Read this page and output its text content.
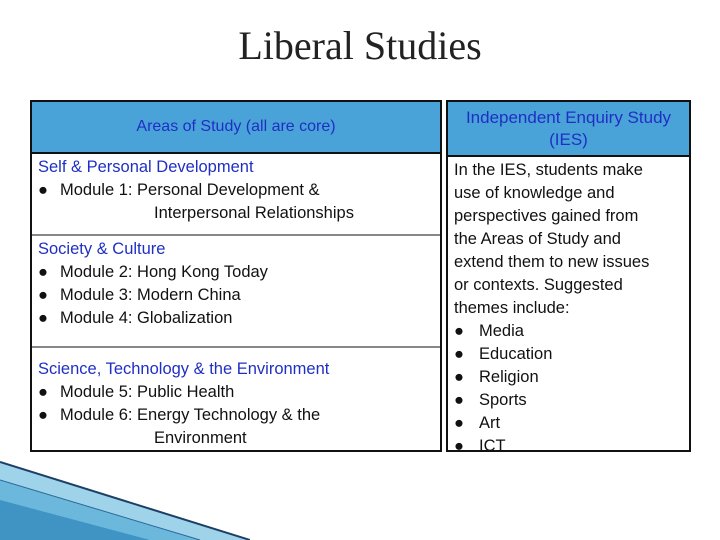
Liberal Studies
Areas of Study (all are core)
Self & Personal Development
● Module 1: Personal Development &
Interpersonal Relationships
Society & Culture
● Module 2: Hong Kong Today
● Module 3: Modern China
● Module 4: Globalization
Science, Technology & the Environment
● Module 5: Public Health
● Module 6: Energy Technology & the
Environment
Independent Enquiry Study (IES)
In the IES, students make
use of knowledge and
perspectives gained from
the Areas of Study and
extend them to new issues
or contexts. Suggested
themes include:
● Media
● Education
● Religion
● Sports
● Art
● ICT
